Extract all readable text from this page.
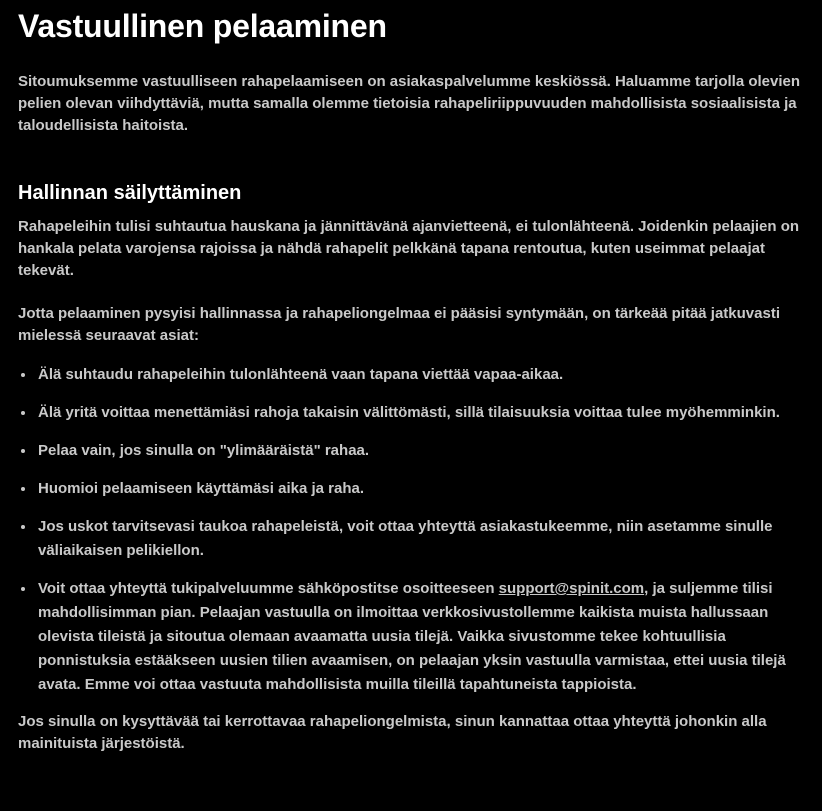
Vastuullinen pelaaminen

Sitoumuksemme vastuulliseen rahapelaamiseen on asiakaspalvelumme keskiössä. Haluamme tarjolla olevien pelien olevan viihdyttäviä, mutta samalla olemme tietoisia rahapeliriippuvuuden mahdollisista sosiaalisista ja taloudellisista haitoista.

Hallinnan säilyttäminen

Rahapeleihin tulisi suhtautua hauskana ja jännittävänä ajanvietteenä, ei tulonlähteenä. Joidenkin pelaajien on hankala pelata varojensa rajoissa ja nähdä rahapelit pelkkänä tapana rentoutua, kuten useimmat pelaajat tekevät.

Jotta pelaaminen pysyisi hallinnassa ja rahapeliongelmaa ei pääsisi syntymään, on tärkeää pitää jatkuvasti mielessä seuraavat asiat:

• Älä suhtaudu rahapeleihin tulonlähteenä vaan tapana viettää vapaa-aikaa.
• Älä yritä voittaa menettämiäsi rahoja takaisin välittömästi, sillä tilaisuuksia voittaa tulee myöhemminkin.
• Pelaa vain, jos sinulla on "ylimääräistä" rahaa.
• Huomioi pelaamiseen käyttämäsi aika ja raha.
• Jos uskot tarvitsevasi taukoa rahapeleistä, voit ottaa yhteyttä asiakastukeemme, niin asetamme sinulle väliaikaisen pelikiellon.
• Voit ottaa yhteyttä tukipalveluumme sähköpostitse osoitteeseen support@spinit.com, ja suljemme tilisi mahdollisimman pian. Pelaajan vastuulla on ilmoittaa verkkosivustollemme kaikista muista hallussaan olevista tileistä ja sitoutua olemaan avaamatta uusia tilejä. Vaikka sivustomme tekee kohtuullisia ponnistuksia estääkseen uusien tilien avaamisen, on pelaajan yksin vastuulla varmistaa, ettei uusia tilejä avata. Emme voi ottaa vastuuta mahdollisista muilla tileillä tapahtuneista tappioista.

Jos sinulla on kysyttävää tai kerrottavaa rahapeliongelmista, sinun kannattaa ottaa yhteyttä johonkin alla mainituista järjestöistä.
